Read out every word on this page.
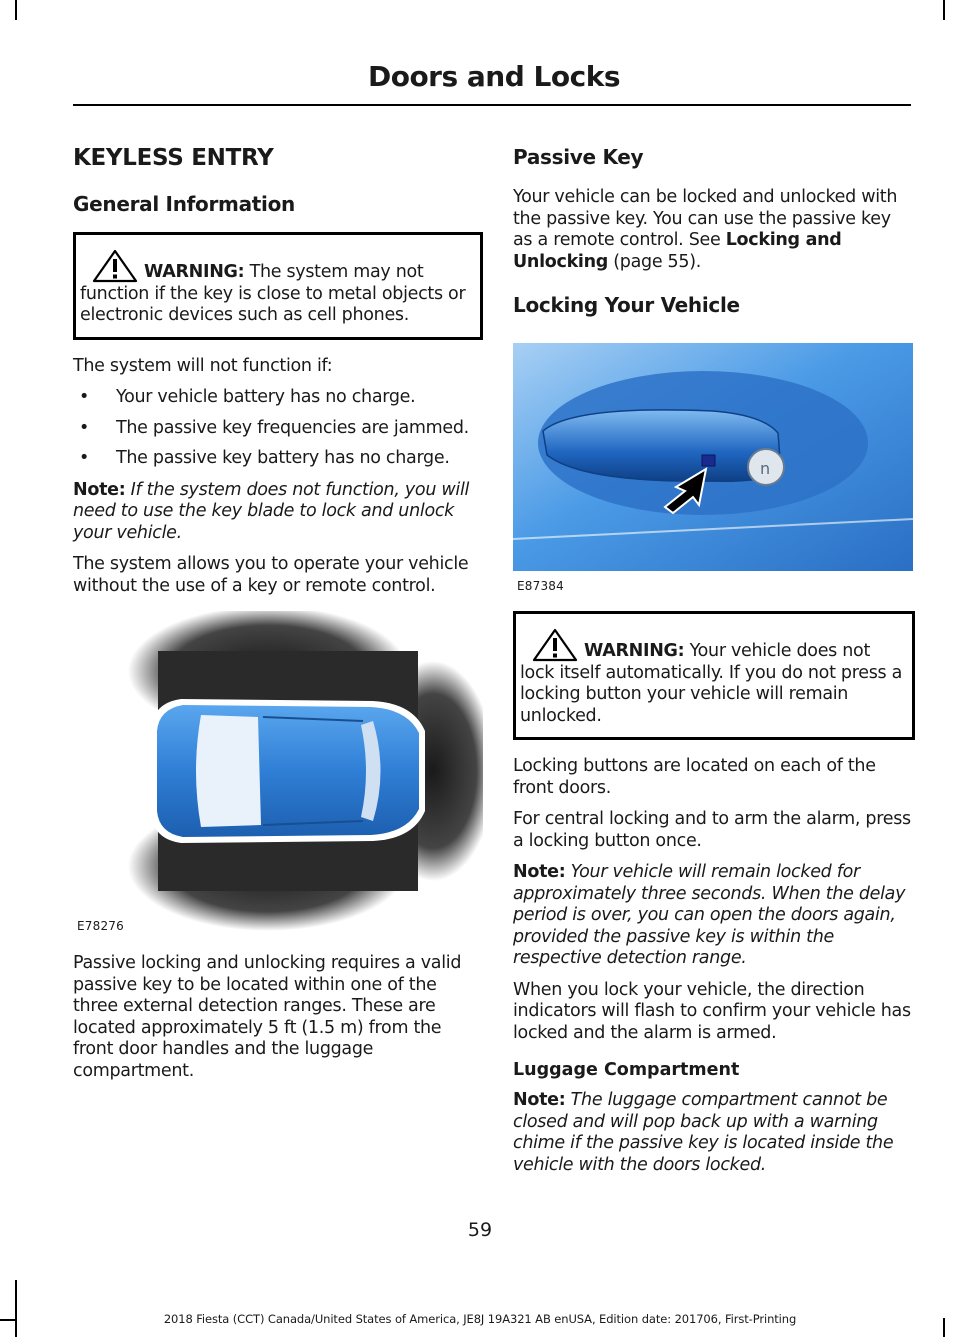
Doors and Locks
KEYLESS ENTRY
General Information
WARNING: The system may not function if the key is close to metal objects or electronic devices such as cell phones.

The system will not function if:

• Your vehicle battery has no charge.
• The passive key frequencies are jammed.
• The passive key battery has no charge.

Note: If the system does not function, you will need to use the key blade to lock and unlock your vehicle.

The system allows you to operate your vehicle without the use of a key or remote control.

E78276

Passive locking and unlocking requires a valid passive key to be located within one of the three external detection ranges. These are located approximately 5 ft (1.5 m) from the front door handles and the luggage compartment.

Passive Key

Your vehicle can be locked and unlocked with the passive key. You can use the passive key as a remote control. See Locking and Unlocking (page 55).

Locking Your Vehicle
n
E87384
WARNING: Your vehicle does not lock itself automatically. If you do not press a locking button your vehicle will remain unlocked.

Locking buttons are located on each of the front doors.

For central locking and to arm the alarm, press a locking button once.

Note: Your vehicle will remain locked for approximately three seconds. When the delay period is over, you can open the doors again, provided the passive key is within the respective detection range.

When you lock your vehicle, the direction indicators will flash to confirm your vehicle has locked and the alarm is armed.

Luggage Compartment

Note: The luggage compartment cannot be closed and will pop back up with a warning chime if the passive key is located inside the vehicle with the doors locked.

59
2018 Fiesta (CCT) Canada/United States of America, JE8J 19A321 AB enUSA, Edition date: 201706, First-Printing
